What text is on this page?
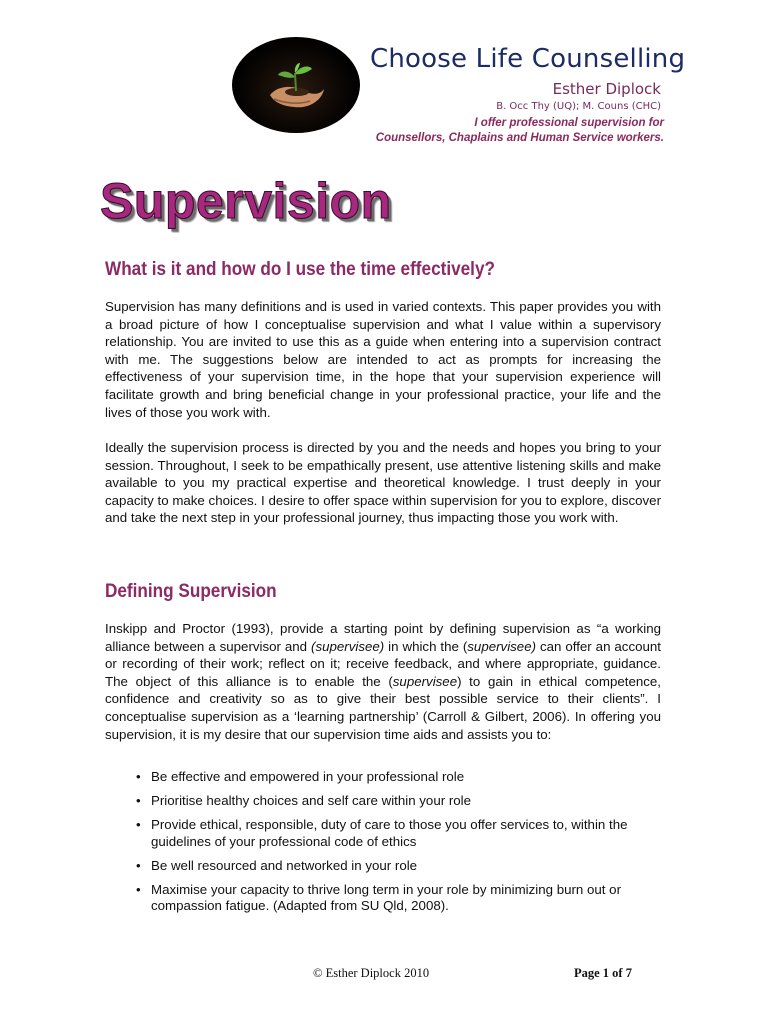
Choose Life Counselling
Esther Diplock
B. Occ Thy (UQ); M. Couns (CHC)
I offer professional supervision for
Counsellors, Chaplains and Human Service workers.
Supervision
What is it and how do I use the time effectively?

Supervision has many definitions and is used in varied contexts. This paper provides you with a broad picture of how I conceptualise supervision and what I value within a supervisory relationship. You are invited to use this as a guide when entering into a supervision contract with me. The suggestions below are intended to act as prompts for increasing the effectiveness of your supervision time, in the hope that your supervision experience will facilitate growth and bring beneficial change in your professional practice, your life and the lives of those you work with.

Ideally the supervision process is directed by you and the needs and hopes you bring to your session. Throughout, I seek to be empathically present, use attentive listening skills and make available to you my practical expertise and theoretical knowledge. I trust deeply in your capacity to make choices. I desire to offer space within supervision for you to explore, discover and take the next step in your professional journey, thus impacting those you work with.

Defining Supervision

Inskipp and Proctor (1993), provide a starting point by defining supervision as “a working alliance between a supervisor and (supervisee) in which the (supervisee) can offer an account or recording of their work; reflect on it; receive feedback, and where appropriate, guidance. The object of this alliance is to enable the (supervisee) to gain in ethical competence, confidence and creativity so as to give their best possible service to their clients”. I conceptualise supervision as a ‘learning partnership’ (Carroll & Gilbert, 2006). In offering you supervision, it is my desire that our supervision time aids and assists you to:

• Be effective and empowered in your professional role
• Prioritise healthy choices and self care within your role
• Provide ethical, responsible, duty of care to those you offer services to, within the guidelines of your professional code of ethics
• Be well resourced and networked in your role
• Maximise your capacity to thrive long term in your role by minimizing burn out or compassion fatigue. (Adapted from SU Qld, 2008).
© Esther Diplock 2010	Page 1 of 7
